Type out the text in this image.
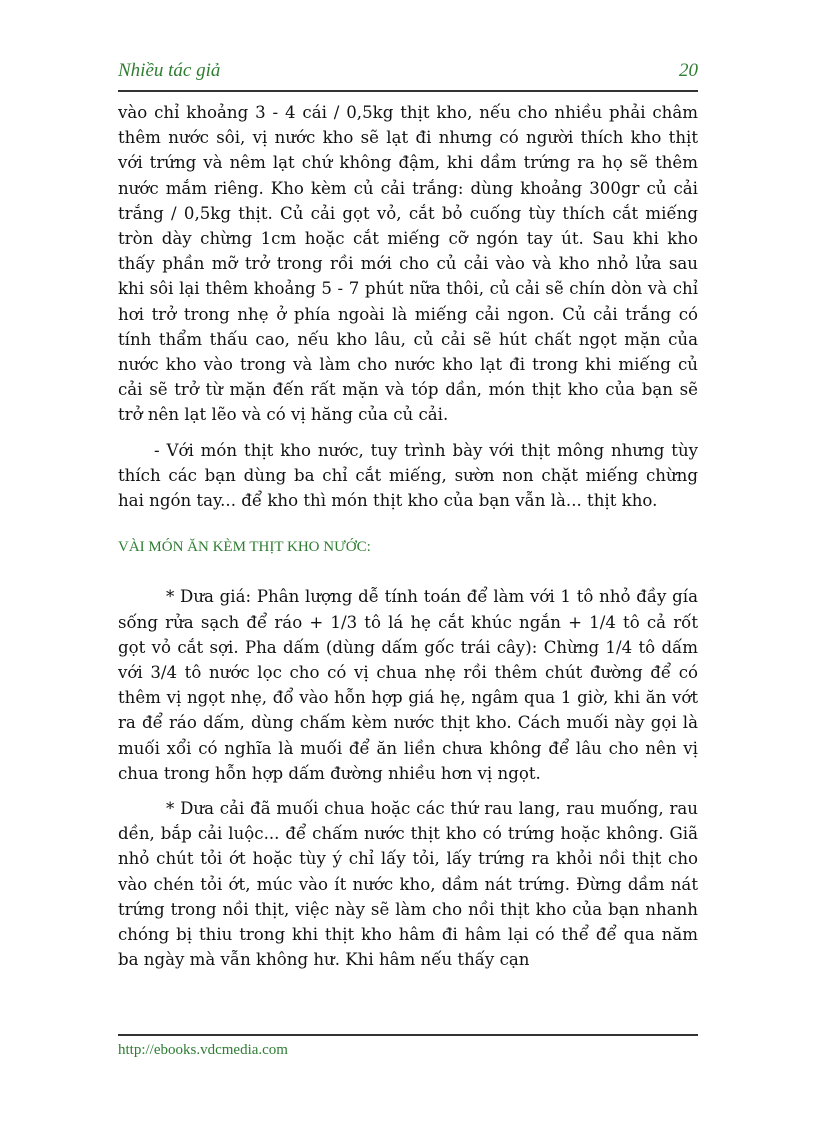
Nhiều tác giả	20

vào chỉ khoảng 3 - 4 cái / 0,5kg thịt kho, nếu cho nhiều phải châm thêm nước sôi, vị nước kho sẽ lạt đi nhưng có người thích kho thịt với trứng và nêm lạt chứ không đậm, khi dầm trứng ra họ sẽ thêm nước mắm riêng. Kho kèm củ cải trắng: dùng khoảng 300gr củ cải trắng / 0,5kg thịt. Củ cải gọt vỏ, cắt bỏ cuống tùy thích cắt miếng tròn dày chừng 1cm hoặc cắt miếng cỡ ngón tay út. Sau khi kho thấy phần mỡ trở trong rồi mới cho củ cải vào và kho nhỏ lửa sau khi sôi lại thêm khoảng 5 - 7 phút nữa thôi, củ cải sẽ chín dòn và chỉ hơi trở trong nhẹ ở phía ngoài là miếng cải ngon. Củ cải trắng có tính thẩm thấu cao, nếu kho lâu, củ cải sẽ hút chất ngọt mặn của nước kho vào trong và làm cho nước kho lạt đi trong khi miếng củ cải sẽ trở từ mặn đến rất mặn và tóp dần, món thịt kho của bạn sẽ trở nên lạt lẽo và có vị hăng của củ cải.

- Với món thịt kho nước, tuy trình bày với thịt mông nhưng tùy thích các bạn dùng ba chỉ cắt miếng, sườn non chặt miếng chừng hai ngón tay... để kho thì món thịt kho của bạn vẫn là... thịt kho.

VÀI MÓN ĂN KÈM THỊT KHO NƯỚC:

* Dưa giá: Phân lượng dễ tính toán để làm với 1 tô nhỏ đầy gía sống rửa sạch để ráo + 1/3 tô lá hẹ cắt khúc ngắn + 1/4 tô cả rốt gọt vỏ cắt sợi. Pha dấm (dùng dấm gốc trái cây): Chừng 1/4 tô dấm với 3/4 tô nước lọc cho có vị chua nhẹ rồi thêm chút đường để có thêm vị ngọt nhẹ, đổ vào hỗn hợp giá hẹ, ngâm qua 1 giờ, khi ăn vớt ra để ráo dấm, dùng chấm kèm nước thịt kho. Cách muối này gọi là muối xổi có nghĩa là muối để ăn liền chưa không để lâu cho nên vị chua trong hỗn hợp dấm đường nhiều hơn vị ngọt.

* Dưa cải đã muối chua hoặc các thứ rau lang, rau muống, rau dền, bắp cải luộc... để chấm nước thịt kho có trứng hoặc không. Giã nhỏ chút tỏi ớt hoặc tùy ý chỉ lấy tỏi, lấy trứng ra khỏi nồi thịt cho vào chén tỏi ớt, múc vào ít nước kho, dầm nát trứng. Đừng dầm nát trứng trong nồi thịt, việc này sẽ làm cho nồi thịt kho của bạn nhanh chóng bị thiu trong khi thịt kho hâm đi hâm lại có thể để qua năm ba ngày mà vẫn không hư. Khi hâm nếu thấy cạn

http://ebooks.vdcmedia.com
